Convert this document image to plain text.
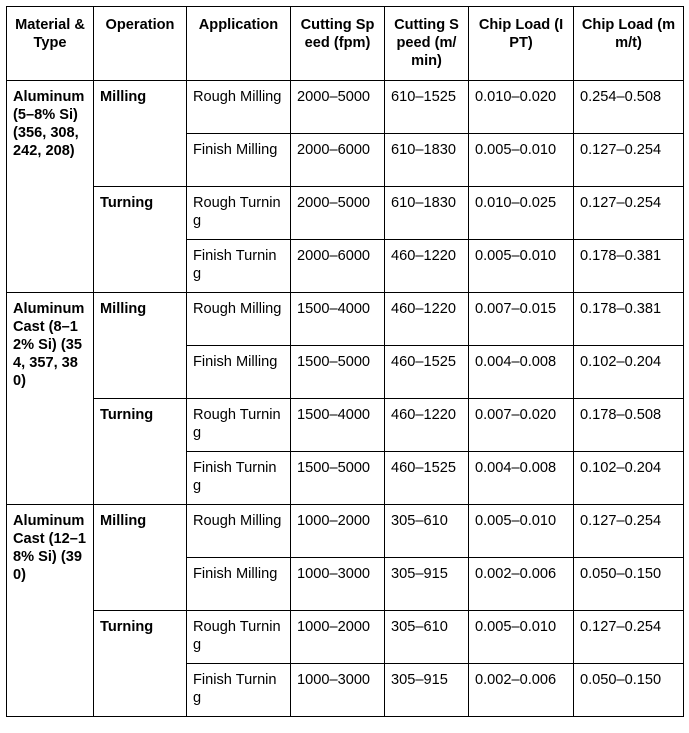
Material & Type	Operation	Application	Cutting Speed (fpm)	Cutting Speed (m/min)	Chip Load (IPT)	Chip Load (mm/t)
Aluminum (5–8% Si) (356, 308, 242, 208)	Milling	Rough Milling	2000–5000	610–1525	0.010–0.020	0.254–0.508
		Finish Milling	2000–6000	610–1830	0.005–0.010	0.127–0.254
	Turning	Rough Turning	2000–5000	610–1830	0.010–0.025	0.127–0.254
		Finish Turning	2000–6000	460–1220	0.005–0.010	0.178–0.381
Aluminum Cast (8–12% Si) (354, 357, 380)	Milling	Rough Milling	1500–4000	460–1220	0.007–0.015	0.178–0.381
		Finish Milling	1500–5000	460–1525	0.004–0.008	0.102–0.204
	Turning	Rough Turning	1500–4000	460–1220	0.007–0.020	0.178–0.508
		Finish Turning	1500–5000	460–1525	0.004–0.008	0.102–0.204
Aluminum Cast (12–18% Si) (390)	Milling	Rough Milling	1000–2000	305–610	0.005–0.010	0.127–0.254
		Finish Milling	1000–3000	305–915	0.002–0.006	0.050–0.150
	Turning	Rough Turning	1000–2000	305–610	0.005–0.010	0.127–0.254
		Finish Turning	1000–3000	305–915	0.002–0.006	0.050–0.150
